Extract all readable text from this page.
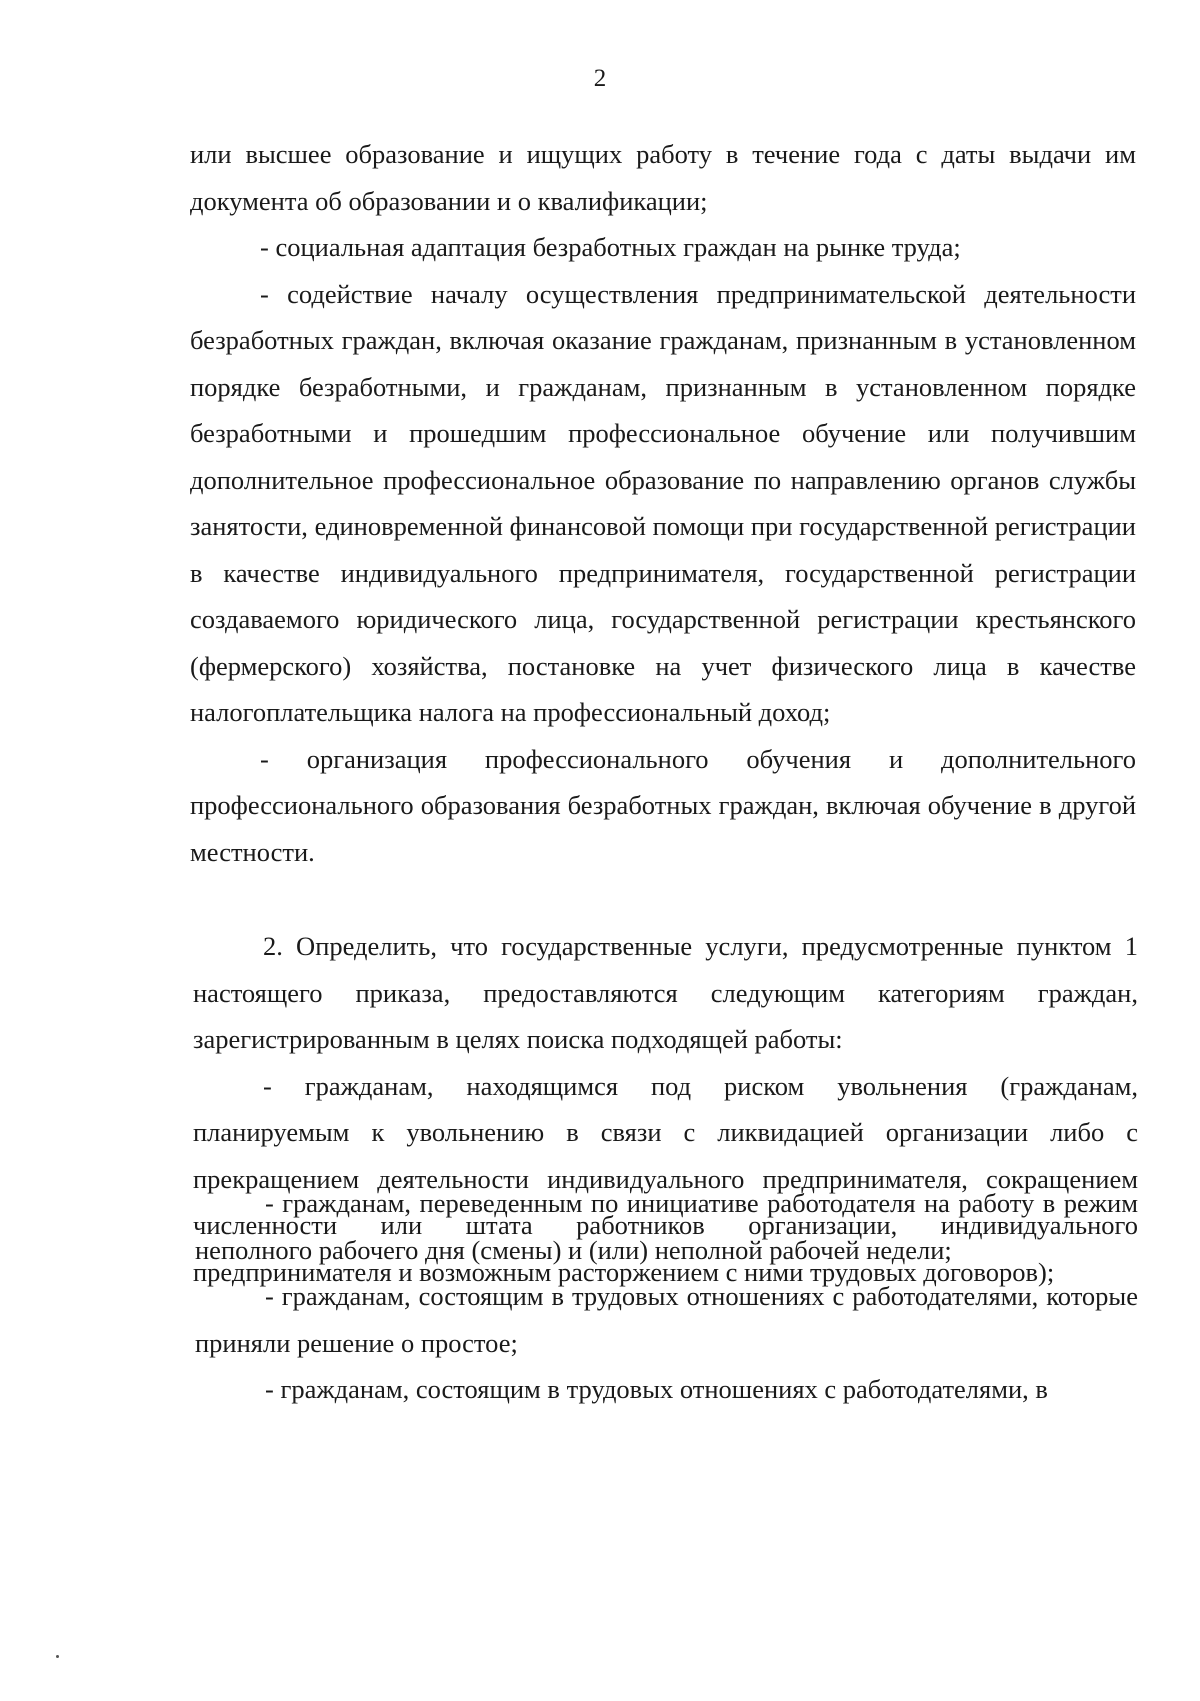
2

или высшее образование и ищущих работу в течение года с даты выдачи им документа об образовании и о квалификации;

- социальная адаптация безработных граждан на рынке труда;

- содействие началу осуществления предпринимательской деятельности безработных граждан, включая оказание гражданам, признанным в установленном порядке безработными, и гражданам, признанным в установленном порядке безработными и прошедшим профессиональное обучение или получившим дополнительное профессиональное образование по направлению органов службы занятости, единовременной финансовой помощи при государственной регистрации в качестве индивидуального предпринимателя, государственной регистрации создаваемого юридического лица, государственной регистрации крестьянского (фермерского) хозяйства, постановке на учет физического лица в качестве налогоплательщика налога на профессиональный доход;

- организация профессионального обучения и дополнительного профессионального образования безработных граждан, включая обучение в другой местности.

2. Определить, что государственные услуги, предусмотренные пунктом 1 настоящего приказа, предоставляются следующим категориям граждан, зарегистрированным в целях поиска подходящей работы:

- гражданам, находящимся под риском увольнения (гражданам, планируемым к увольнению в связи с ликвидацией организации либо с прекращением деятельности индивидуального предпринимателя, сокращением численности или штата работников организации, индивидуального предпринимателя и возможным расторжением с ними трудовых договоров);

- гражданам, переведенным по инициативе работодателя на работу в режим неполного рабочего дня (смены) и (или) неполной рабочей недели;

- гражданам, состоящим в трудовых отношениях с работодателями, которые приняли решение о простое;

- гражданам, состоящим в трудовых отношениях с работодателями, в
